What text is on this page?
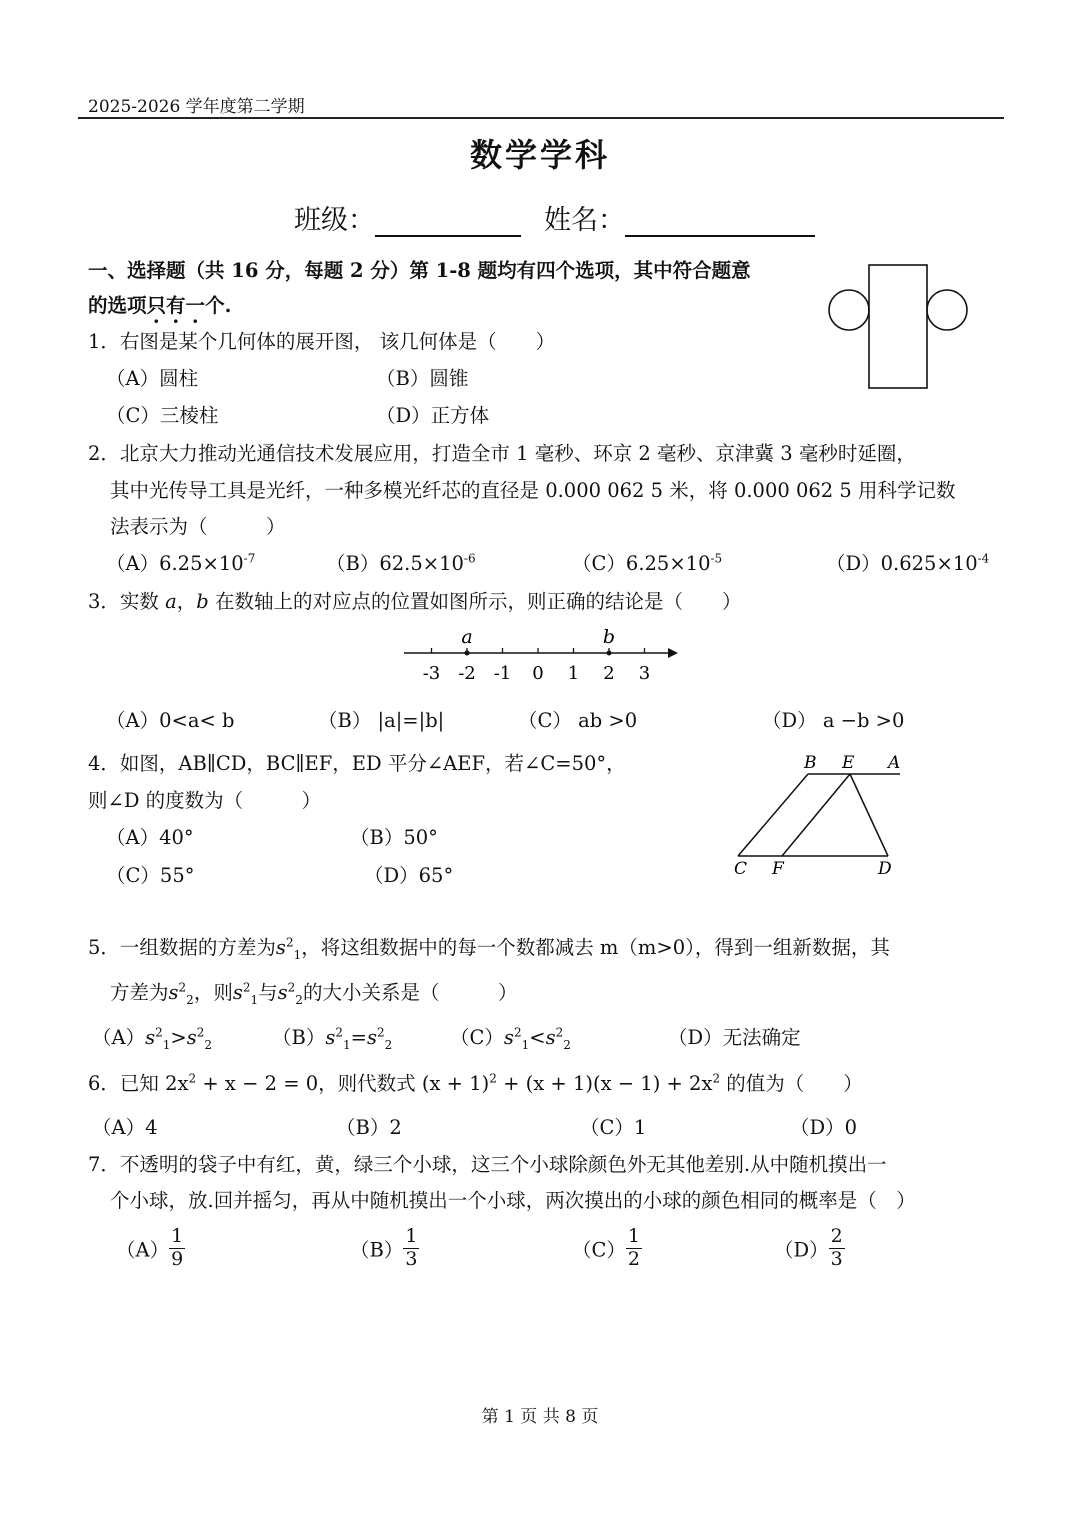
2025-2026 学年度第二学期
数学学科
班级：	姓名：
一、选择题（共 16 分，每题 2 分）第 1-8 题均有四个选项，其中符合题意
的选项只有一个.
1．右图是某个几何体的展开图， 该几何体是（　　）
（A）圆柱	（B）圆锥
（C）三棱柱	（D）正方体
2．北京大力推动光通信技术发展应用，打造全市 1 毫秒、环京 2 毫秒、京津冀 3 毫秒时延圈，
其中光传导工具是光纤，一种多模光纤芯的直径是 0.000 062 5 米，将 0.000 062 5 用科学记数
法表示为（　　　）
$(A)6.25\times 10^{-7}$	$(B)62.5\times 10^{-6}$	$(C)6.25\times 10^{-5}$	$(D)0.625\times 10^{-4}$
3．实数 a，b 在数轴上的对应点的位置如图所示，则正确的结论是（　　）
-3 -2 -1 0 1 2 3
a	b
（A）0<a< b	（B） |a|=|b|	（C） ab >0	（D） a −b >0
4．如图，AB∥CD，BC∥EF，ED 平分∠AEF，若∠C=50°，
则∠D 的度数为（　　　）
（A）40°	（B）50°
（C）55°	（D）65°
B E A
C F	D
5．一组数据的方差为$s^2_1$，将这组数据中的每一个数都减去 m（m>0），得到一组新数据，其
方差为$s^2_2$，则$s^2_1$与$s^2_2$的大小关系是（　　　）
$(A)s^2_1>s^2_2$	$(B)s^2_1=s^2_2$	$(C)s^2_1<s^2_2$	（D）无法确定
6．已知 $2x^2 + x - 2 = 0$，则代数式 $(x + 1)^2 + (x + 1)(x - 1) + 2x^2$ 的值为（　　）
（A）4	（B）2	（C）1	（D）0
7．不透明的袋子中有红，黄，绿三个小球，这三个小球除颜色外无其他差别.从中随机摸出一
个小球，放.回并摇匀，再从中随机摸出一个小球，两次摸出的小球的颜色相同的概率是（　）
$(A) \frac{1}{9}$	$(B) \frac{1}{3}$	$(C) \frac{1}{2}$	$(D) \frac{2}{3}$
第 1 页 共 8 页
